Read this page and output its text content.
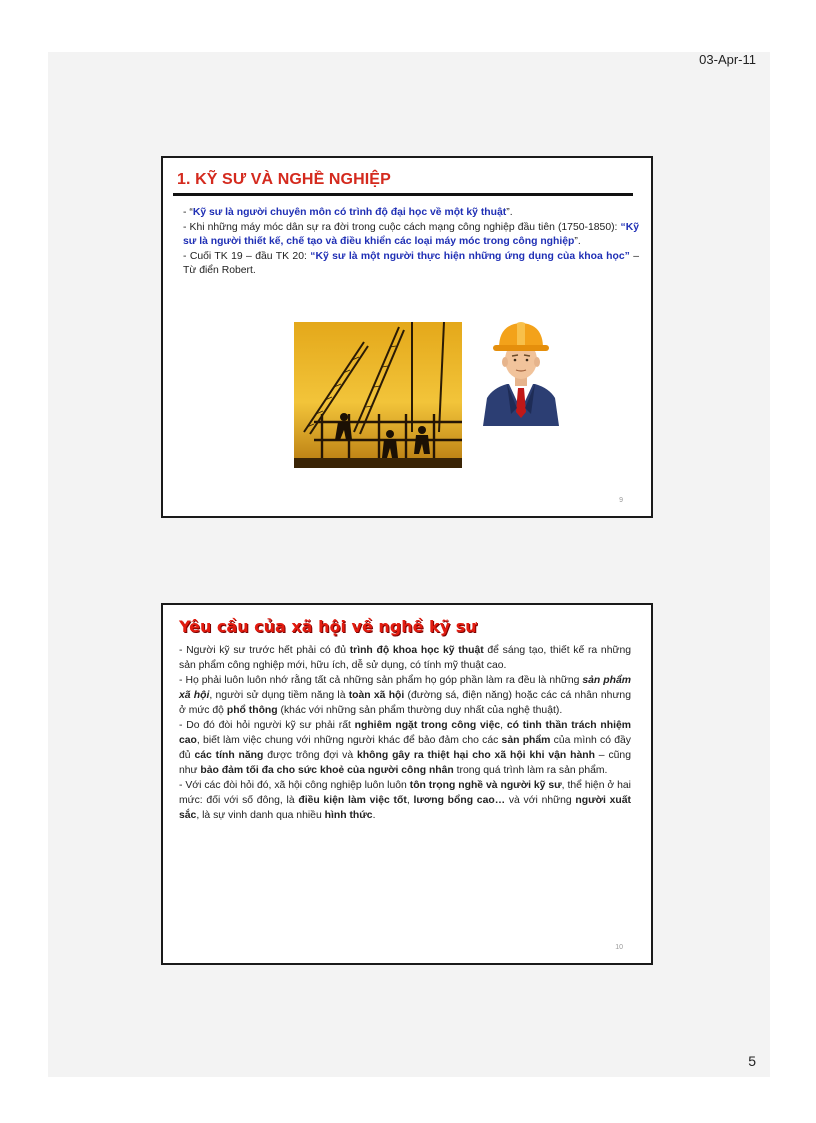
03-Apr-11
1. KỸ SƯ VÀ NGHỀ NGHIỆP

- “Kỹ sư là người chuyên môn có trình độ đại học về một kỹ thuật”.

- Khi những máy móc dân sự ra đời trong cuộc cách mạng công nghiệp đầu tiên (1750-1850): “Kỹ sư là người thiết kế, chế tạo và điều khiển các loại máy móc trong công nghiệp”.

- Cuối TK 19 – đầu TK 20: “Kỹ sư là một người thực hiện những ứng dụng của khoa học” – Từ điển Robert.

9
Yêu cầu của xã hội về nghề kỹ sư

- Người kỹ sư trước hết phải có đủ trình độ khoa học kỹ thuật để sáng tạo, thiết kế ra những sản phẩm công nghiệp mới, hữu ích, dễ sử dụng, có tính mỹ thuật cao.

- Họ phải luôn luôn nhớ rằng tất cả những sản phẩm họ góp phần làm ra đều là những sản phẩm xã hội, người sử dụng tiềm năng là toàn xã hội (đường sá, điện năng) hoặc các cá nhân nhưng ở mức độ phổ thông (khác với những sản phẩm thường duy nhất của nghệ thuật).

- Do đó đòi hỏi người kỹ sư phải rất nghiêm ngặt trong công việc, có tinh thần trách nhiệm cao, biết làm việc chung với những người khác để bảo đảm cho các sản phẩm của mình có đầy đủ các tính năng được trông đợi và không gây ra thiệt hại cho xã hội khi vận hành – cũng như bảo đảm tối đa cho sức khoẻ của người công nhân trong quá trình làm ra sản phẩm.

- Với các đòi hỏi đó, xã hội công nghiệp luôn luôn tôn trọng nghề và người kỹ sư, thể hiện ở hai mức: đối với số đông, là điều kiện làm việc tốt, lương bổng cao… và với những người xuất sắc, là sự vinh danh qua nhiều hình thức.

10
5
